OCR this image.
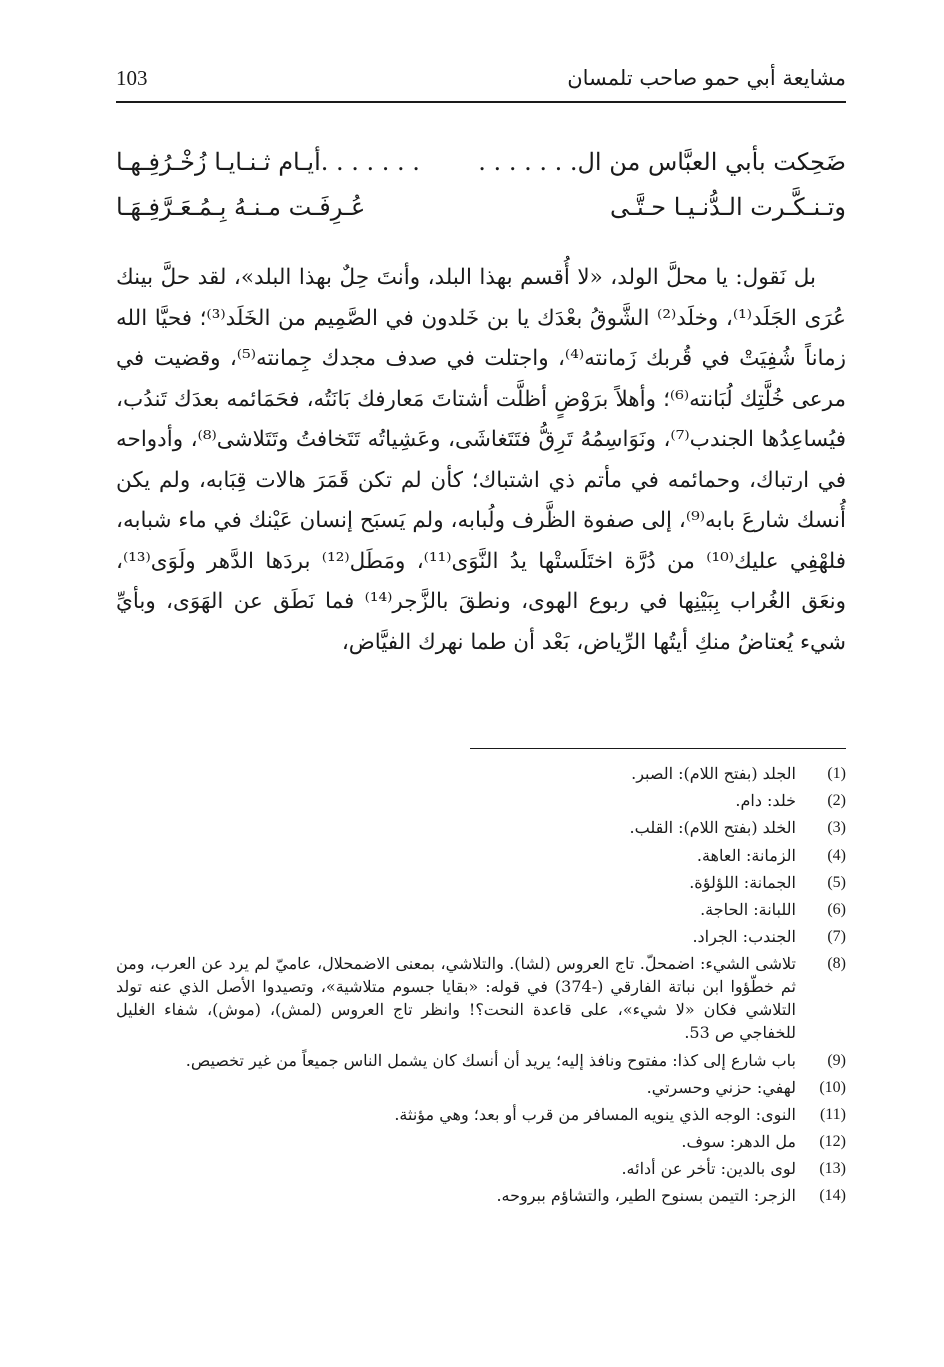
مشايعة أبي حمو صاحب تلمسان
103
ضَحِكت بأبي العبَّاس من ال. . . . . . .
. . . . . . .أيـام ثـنـايـا زُخْـرُفِـهـا
وتـنـكَّـرت الـدُّنـيـا حـتَّـى
عُـرِفَـت مـنـهُ بِـمُـعَـرَّفِـهَـا

بل نَقول: يا محلَّ الولد، «لا أُقسم بهذا البلد، وأنتَ حِلٌ بهذا البلد»، لقد حلَّ بينك عُرَى الجَلَد⁽¹⁾، وخلَد⁽²⁾ الشَّوقُ بعْدَك يا بن خَلدون في الصَّمِيم من الخَلَد⁽³⁾؛ فحيَّا الله زماناً شُفِيَتْ في قُربك زَمانته⁽⁴⁾، واجتلت في صدف مجدك جِمانته⁽⁵⁾، وقضيت في مرعى خُلَّتِك لُبَانته⁽⁶⁾؛ وأهلاً برَوْضٍ أظلَّت أشتاتَ مَعارفك بَانَتُه، فحَمَائمه بعدَك تَندُب، فيُساعِدُها الجندب⁽⁷⁾، ونَوَاسِمُهُ تَرِقُّ فتَتَغاشَى، وعَشِياتُه تَتَخافتُ وتَتَلاشى⁽⁸⁾، وأدواحه في ارتباك، وحمائمه في مأتم ذي اشتباك؛ كأن لم تكن قَمَرَ هالات قِبَابه، ولم يكن أُنسك شارعَ بابه⁽⁹⁾، إلى صفوة الظَّرف ولُبابه، ولم يَسبَح إنسان عَيْنك في ماء شبابه، فلهْفِي عليك⁽¹⁰⁾ من دُرَّة اختَلَستْها يدُ النَّوَى⁽¹¹⁾، ومَطَل⁽¹²⁾ بردَها الدَّهر ولَوَى⁽¹³⁾، ونعَق الغُراب بِبَيْنِها في ربوع الهوى، ونطقَ بالزَّجر⁽¹⁴⁾ فما نَطَق عن الهَوَى، وبأيِّ شيء يُعتاضُ منكِ أيتُها الرِّياض، بَعْد أن طما نهرك الفيَّاض،

(1)
الجلد (بفتح اللام): الصبر.
(2)
خلد: دام.
(3)
الخلد (بفتح اللام): القلب.
(4)
الزمانة: العاهة.
(5)
الجمانة: اللؤلؤة.
(6)
اللبانة: الحاجة.
(7)
الجندب: الجراد.
(8)
تلاشى الشيء: اضمحلّ. تاج العروس (لشا). والتلاشي، بمعنى الاضمحلال، عاميّ لم يرد عن العرب، ومن ثم خطّؤوا ابن نباتة الفارقي (-374) في قوله: «بقايا جسوم متلاشية»، وتصيدوا الأصل الذي عنه تولد التلاشي فكان «لا شيء»، على قاعدة النحت؟! وانظر تاج العروس (لمش)، (موش)، شفاء الغليل للخفاجي ص 53.
(9)
باب شارع إلى كذا: مفتوح ونافذ إليه؛ يريد أن أنسك كان يشمل الناس جميعاً من غير تخصيص.
(10)
لهفي: حزني وحسرتي.
(11)
النوى: الوجه الذي ينويه المسافر من قرب أو بعد؛ وهي مؤنثة.
(12)
مل الدهر: سوف.
(13)
لوى بالدين: تأخر عن أدائه.
(14)
الزجر: التيمن بسنوح الطير، والتشاؤم ببروحه.
